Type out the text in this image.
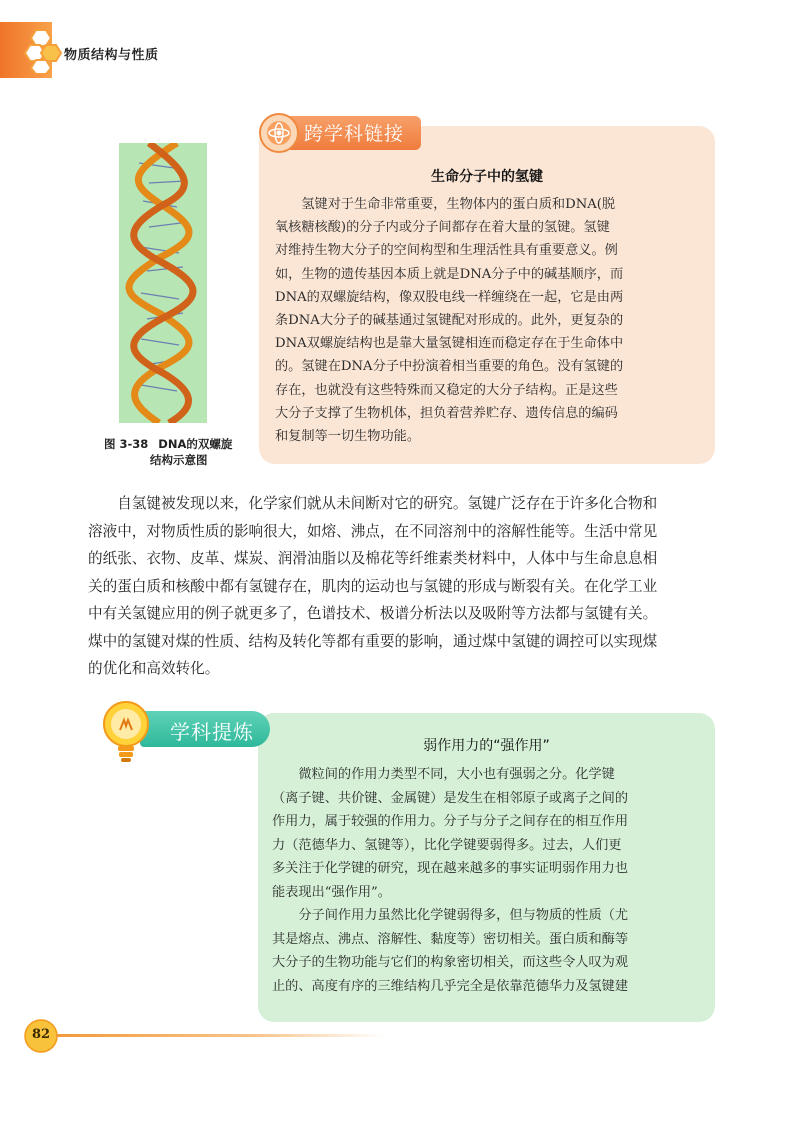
物质结构与性质
图 3-38 DNA的双螺旋
结构示意图
跨学科链接
生命分子中的氢键
　　氢键对于生命非常重要，生物体内的蛋白质和DNA(脱
氧核糖核酸)的分子内或分子间都存在着大量的氢键。氢键
对维持生物大分子的空间构型和生理活性具有重要意义。例
如，生物的遗传基因本质上就是DNA分子中的碱基顺序，而
DNA的双螺旋结构，像双股电线一样缠绕在一起，它是由两
条DNA大分子的碱基通过氢键配对形成的。此外，更复杂的
DNA双螺旋结构也是靠大量氢键相连而稳定存在于生命体中
的。氢键在DNA分子中扮演着相当重要的角色。没有氢键的
存在，也就没有这些特殊而又稳定的大分子结构。正是这些
大分子支撑了生物机体，担负着营养贮存、遗传信息的编码
和复制等一切生物功能。
　　自氢键被发现以来，化学家们就从未间断对它的研究。氢键广泛存在于许多化合物和
溶液中，对物质性质的影响很大，如熔、沸点，在不同溶剂中的溶解性能等。生活中常见
的纸张、衣物、皮革、煤炭、润滑油脂以及棉花等纤维素类材料中，人体中与生命息息相
关的蛋白质和核酸中都有氢键存在，肌肉的运动也与氢键的形成与断裂有关。在化学工业
中有关氢键应用的例子就更多了，色谱技术、极谱分析法以及吸附等方法都与氢键有关。
煤中的氢键对煤的性质、结构及转化等都有重要的影响，通过煤中氢键的调控可以实现煤
的优化和高效转化。
学科提炼
弱作用力的“强作用”
　　微粒间的作用力类型不同，大小也有强弱之分。化学键
（离子键、共价键、金属键）是发生在相邻原子或离子之间的
作用力，属于较强的作用力。分子与分子之间存在的相互作用
力（范德华力、氢键等），比化学键要弱得多。过去，人们更
多关注于化学键的研究，现在越来越多的事实证明弱作用力也
能表现出“强作用”。
　　分子间作用力虽然比化学键弱得多，但与物质的性质（尤
其是熔点、沸点、溶解性、黏度等）密切相关。蛋白质和酶等
大分子的生物功能与它们的构象密切相关，而这些令人叹为观
止的、高度有序的三维结构几乎完全是依靠范德华力及氢键建
82
